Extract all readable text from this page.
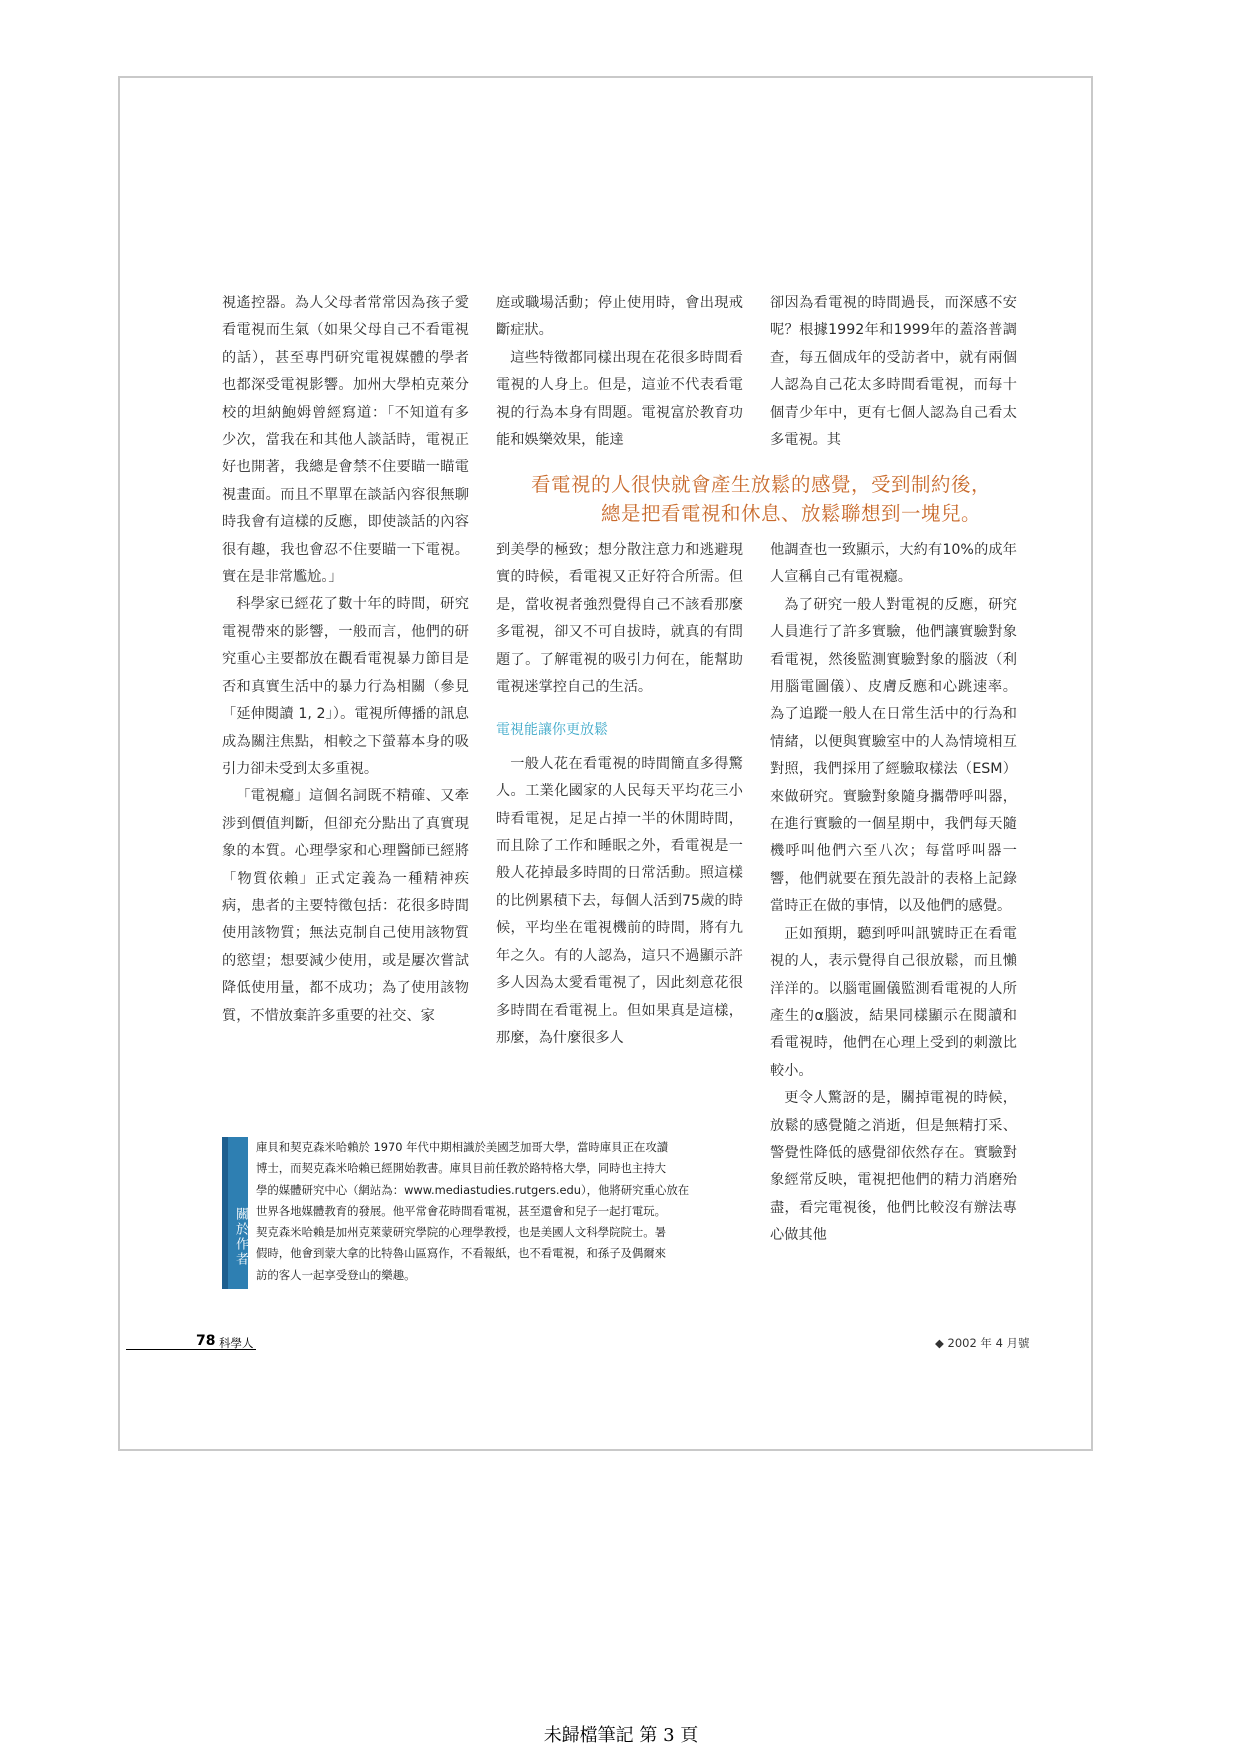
視遙控器。為人父母者常常因為孩子愛看電視而生氣（如果父母自己不看電視的話），甚至專門研究電視媒體的學者也都深受電視影響。加州大學柏克萊分校的坦納鮑姆曾經寫道：「不知道有多少次，當我在和其他人談話時，電視正好也開著，我總是會禁不住要瞄一瞄電視畫面。而且不單單在談話內容很無聊時我會有這樣的反應，即使談話的內容很有趣，我也會忍不住要瞄一下電視。實在是非常尷尬。」

科學家已經花了數十年的時間，研究電視帶來的影響，一般而言，他們的研究重心主要都放在觀看電視暴力節目是否和真實生活中的暴力行為相關（參見「延伸閱讀 1, 2」）。電視所傳播的訊息成為關注焦點，相較之下螢幕本身的吸引力卻未受到太多重視。

「電視癮」這個名詞既不精確、又牽涉到價值判斷，但卻充分點出了真實現象的本質。心理學家和心理醫師已經將「物質依賴」正式定義為一種精神疾病，患者的主要特徵包括：花很多時間使用該物質；無法克制自己使用該物質的慾望；想要減少使用，或是屢次嘗試降低使用量，都不成功；為了使用該物質，不惜放棄許多重要的社交、家

庭或職場活動；停止使用時，會出現戒斷症狀。

這些特徵都同樣出現在花很多時間看電視的人身上。但是，這並不代表看電視的行為本身有問題。電視富於教育功能和娛樂效果，能達

卻因為看電視的時間過長，而深感不安呢？根據1992年和1999年的蓋洛普調查，每五個成年的受訪者中，就有兩個人認為自己花太多時間看電視，而每十個青少年中，更有七個人認為自己看太多電視。其

看電視的人很快就會產生放鬆的感覺，受到制約後，
總是把看電視和休息、放鬆聯想到一塊兒。

到美學的極致；想分散注意力和逃避現實的時候，看電視又正好符合所需。但是，當收視者強烈覺得自己不該看那麼多電視，卻又不可自拔時，就真的有問題了。了解電視的吸引力何在，能幫助電視迷掌控自己的生活。

電視能讓你更放鬆

一般人花在看電視的時間簡直多得驚人。工業化國家的人民每天平均花三小時看電視，足足占掉一半的休閒時間，而且除了工作和睡眠之外，看電視是一般人花掉最多時間的日常活動。照這樣的比例累積下去，每個人活到75歲的時候，平均坐在電視機前的時間，將有九年之久。有的人認為，這只不過顯示許多人因為太愛看電視了，因此刻意花很多時間在看電視上。但如果真是這樣，那麼，為什麼很多人

他調查也一致顯示，大約有10%的成年人宣稱自己有電視癮。

為了研究一般人對電視的反應，研究人員進行了許多實驗，他們讓實驗對象看電視，然後監測實驗對象的腦波（利用腦電圖儀）、皮膚反應和心跳速率。為了追蹤一般人在日常生活中的行為和情緒，以便與實驗室中的人為情境相互對照，我們採用了經驗取樣法（ESM）來做研究。實驗對象隨身攜帶呼叫器，在進行實驗的一個星期中，我們每天隨機呼叫他們六至八次；每當呼叫器一響，他們就要在預先設計的表格上記錄當時正在做的事情，以及他們的感覺。

正如預期，聽到呼叫訊號時正在看電視的人，表示覺得自己很放鬆，而且懶洋洋的。以腦電圖儀監測看電視的人所產生的α腦波，結果同樣顯示在閱讀和看電視時，他們在心理上受到的刺激比較小。

更令人驚訝的是，關掉電視的時候，放鬆的感覺隨之消逝，但是無精打采、警覺性降低的感覺卻依然存在。實驗對象經常反映，電視把他們的精力消磨殆盡，看完電視後，他們比較沒有辦法專心做其他

關於作者
庫貝和契克森米哈賴於 1970 年代中期相識於美國芝加哥大學，當時庫貝正在攻讀
博士，而契克森米哈賴已經開始教書。庫貝目前任教於路特格大學，同時也主持大
學的媒體研究中心（網站為：www.mediastudies.rutgers.edu），他將研究重心放在
世界各地媒體教育的發展。他平常會花時間看電視，甚至還會和兒子一起打電玩。
契克森米哈賴是加州克萊蒙研究學院的心理學教授，也是美國人文科學院院士。暑
假時，他會到蒙大拿的比特魯山區寫作，不看報紙，也不看電視，和孫子及偶爾來
訪的客人一起享受登山的樂趣。
78 科學人	◆ 2002 年 4 月號
未歸檔筆記 第 3 頁
